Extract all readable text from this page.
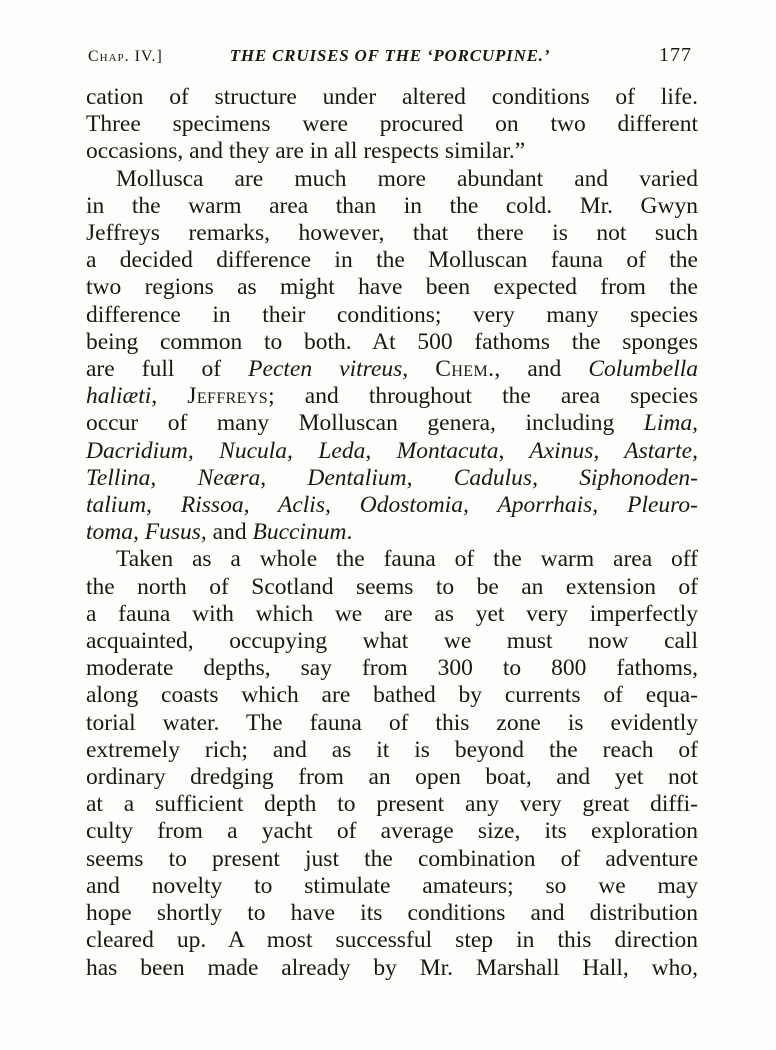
Chap. IV.]	THE CRUISES OF THE ‘PORCUPINE.’	177
cation of structure under altered conditions of life.
Three specimens were procured on two different
occasions, and they are in all respects similar.”
Mollusca are much more abundant and varied
in the warm area than in the cold. Mr. Gwyn
Jeffreys remarks, however, that there is not such
a decided difference in the Molluscan fauna of the
two regions as might have been expected from the
difference in their conditions; very many species
being common to both. At 500 fathoms the sponges
are full of Pecten vitreus, Chem., and Columbella
haliæti, Jeffreys; and throughout the area species
occur of many Molluscan genera, including Lima,
Dacridium, Nucula, Leda, Montacuta, Axinus, Astarte,
Tellina, Neæra, Dentalium, Cadulus, Siphonoden-
talium, Rissoa, Aclis, Odostomia, Aporrhais, Pleuro-
toma, Fusus, and Buccinum.
Taken as a whole the fauna of the warm area off
the north of Scotland seems to be an extension of
a fauna with which we are as yet very imperfectly
acquainted, occupying what we must now call
moderate depths, say from 300 to 800 fathoms,
along coasts which are bathed by currents of equa-
torial water. The fauna of this zone is evidently
extremely rich; and as it is beyond the reach of
ordinary dredging from an open boat, and yet not
at a sufficient depth to present any very great diffi-
culty from a yacht of average size, its exploration
seems to present just the combination of adventure
and novelty to stimulate amateurs; so we may
hope shortly to have its conditions and distribution
cleared up. A most successful step in this direction
has been made already by Mr. Marshall Hall, who,
